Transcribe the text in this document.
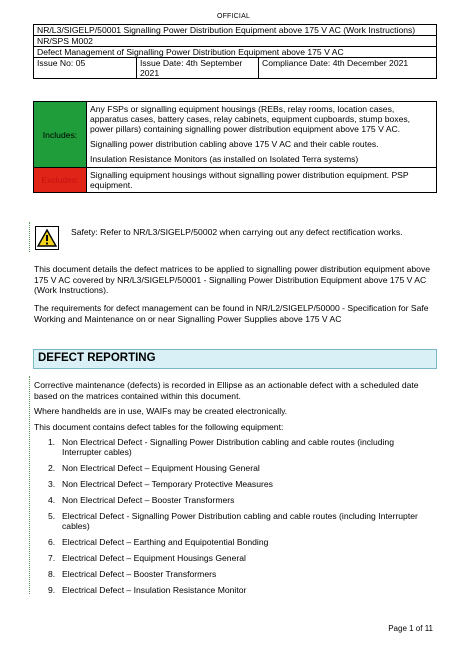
OFFICIAL
NR/L3/SIGELP/50001 Signalling Power Distribution Equipment above 175 V AC (Work Instructions)
NR/SPS M002
Defect Management of Signalling Power Distribution Equipment above 175 V AC
Issue No: 05	Issue Date: 4th September 2021	Compliance Date: 4th December 2021
Includes:	Any FSPs or signalling equipment housings (REBs, relay rooms, location cases, apparatus cases, battery cases, relay cabinets, equipment cupboards, stump boxes, power pillars) containing signalling power distribution equipment above 175 V AC.

Signalling power distribution cabling above 175 V AC and their cable routes.

Insulation Resistance Monitors (as installed on Isolated Terra systems)

Excludes:	Signalling equipment housings without signalling power distribution equipment. PSP equipment.
Safety: Refer to NR/L3/SIGELP/50002 when carrying out any defect rectification works.
This document details the defect matrices to be applied to signalling power distribution equipment above 175 V AC covered by NR/L3/SIGELP/50001 - Signalling Power Distribution Equipment above 175 V AC (Work Instructions).
The requirements for defect management can be found in NR/L2/SIGELP/50000 - Specification for Safe Working and Maintenance on or near Signalling Power Supplies above 175 V AC
DEFECT REPORTING
Corrective maintenance (defects) is recorded in Ellipse as an actionable defect with a scheduled date based on the matrices contained within this document.
Where handhelds are in use, WAIFs may be created electronically.
This document contains defect tables for the following equipment:
1. Non Electrical Defect - Signalling Power Distribution cabling and cable routes (including Interrupter cables)
2. Non Electrical Defect – Equipment Housing General
3. Non Electrical Defect – Temporary Protective Measures
4. Non Electrical Defect – Booster Transformers
5. Electrical Defect - Signalling Power Distribution cabling and cable routes (including Interrupter cables)
6. Electrical Defect – Earthing and Equipotential Bonding
7. Electrical Defect – Equipment Housings General
8. Electrical Defect – Booster Transformers
9. Electrical Defect – Insulation Resistance Monitor
Page 1 of 11
